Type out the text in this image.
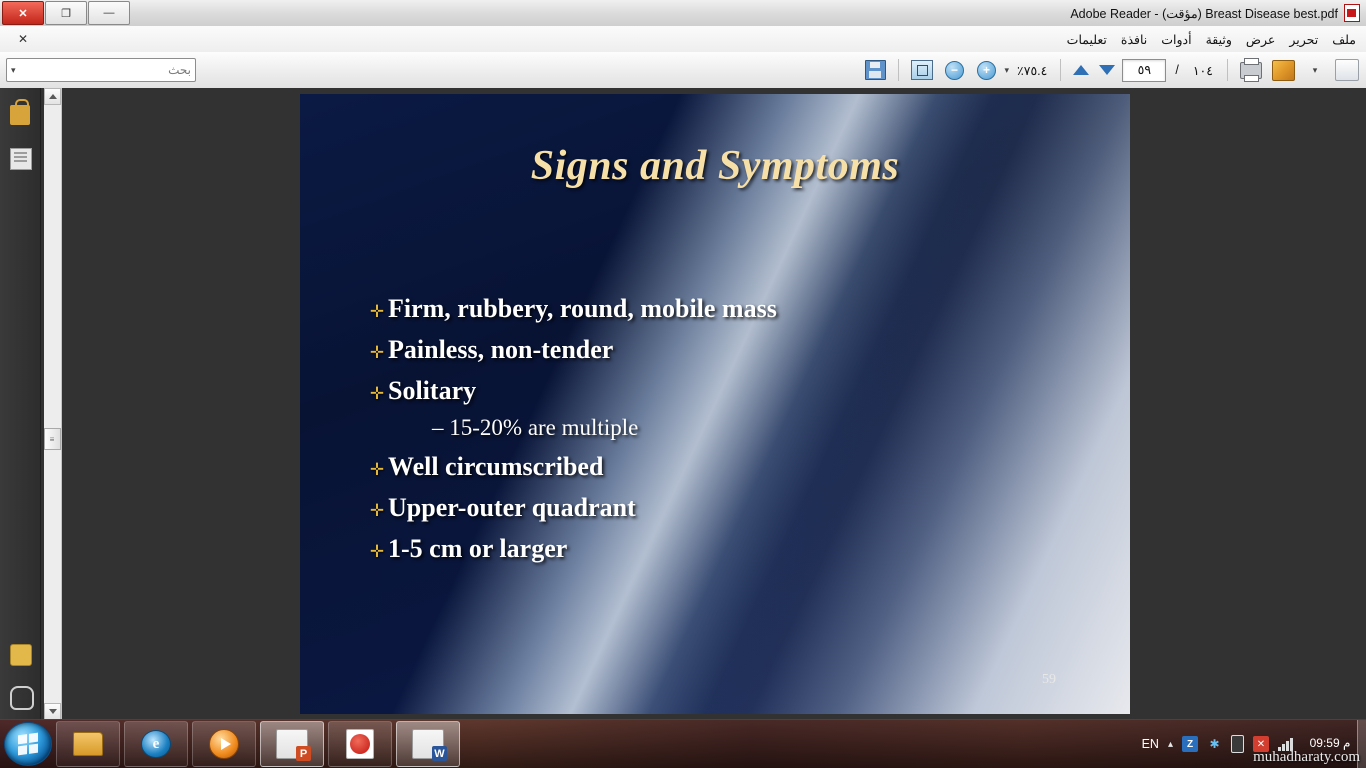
✕	❐	—	Adobe Reader - (مؤقت) Breast Disease best.pdf
ملف
تحرير
عرض
وثيقة
أدوات
نافذة
تعليمات
✕
▾
١٠٤
/
٥٩
٧٥.٤٪
▾
+
−
بحث
▾
≡
Signs and Symptoms
✛ Firm, rubbery, round, mobile mass
✛ Painless, non-tender
✛ Solitary
– 15-20% are multiple
✛ Well circumscribed
✛ Upper-outer quadrant
✛ 1-5 cm or larger
59
e P W	EN ▴	Z	✱	✕	م 09:59
muhadharaty.com
